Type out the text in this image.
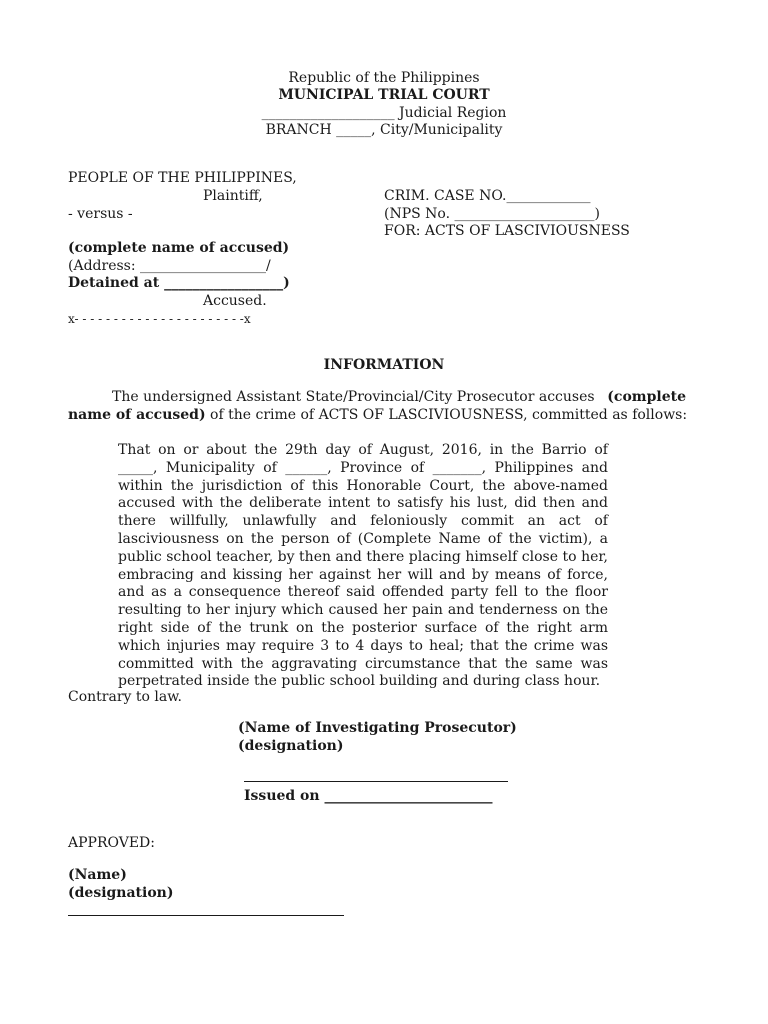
Republic of the Philippines
MUNICIPAL TRIAL COURT
___________________ Judicial Region
BRANCH _____, City/Municipality
PEOPLE OF THE PHILIPPINES,
Plaintiff,
- versus -
(complete name of accused)
(Address: __________________/
Detained at _________________)
Accused.
x- - - - - - - - - - - - - - - - - - - - - -x
CRIM. CASE NO.____________
(NPS No. ____________________)
FOR: ACTS OF LASCIVIOUSNESS
INFORMATION
The undersigned Assistant State/Provincial/City Prosecutor accuses (complete
name of accused) of the crime of ACTS OF LASCIVIOUSNESS, committed as follows:
That on or about the 29th day of August, 2016, in the Barrio of _____, Municipality of ______, Province of _______, Philippines and within the jurisdiction of this Honorable Court, the above-named accused with the deliberate intent to satisfy his lust, did then and there willfully, unlawfully and feloniously commit an act of lasciviousness on the person of (Complete Name of the victim), a public school teacher, by then and there placing himself close to her, embracing and kissing her against her will and by means of force, and as a consequence thereof said offended party fell to the floor resulting to her injury which caused her pain and tenderness on the right side of the trunk on the posterior surface of the right arm which injuries may require 3 to 4 days to heal; that the crime was committed with the aggravating circumstance that the same was perpetrated inside the public school building and during class hour.
Contrary to law.
(Name of Investigating Prosecutor)
(designation)
Issued on ________________________
APPROVED:
(Name)
(designation)
